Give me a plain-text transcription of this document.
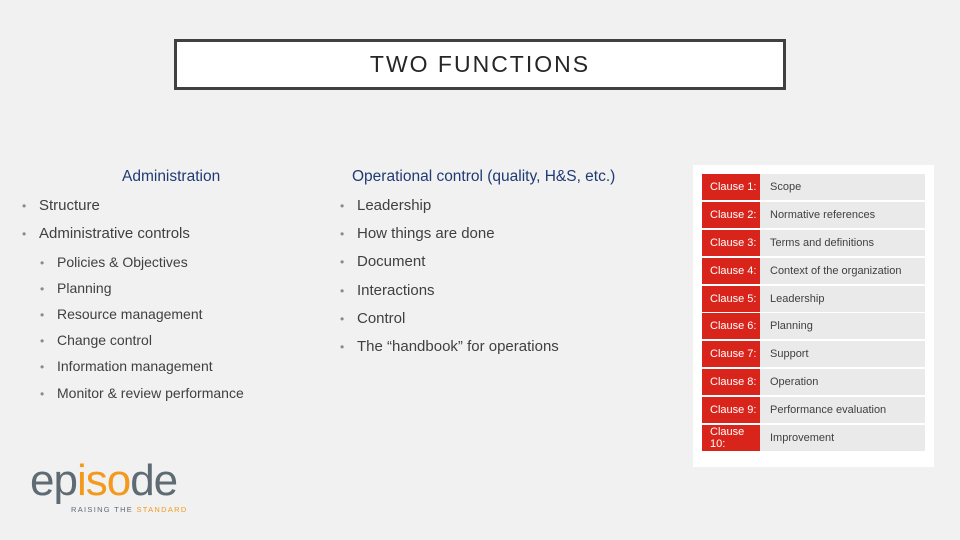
TWO FUNCTIONS
Administration	Operational control (quality, H&S, etc.)
• Structure
• Administrative controls
• Policies & Objectives
• Planning
• Resource management
• Change control
• Information management
• Monitor & review performance
• Leadership
• How things are done
• Document
• Interactions
• Control
• The “handbook” for operations
Clause 1:	Scope
Clause 2:	Normative references
Clause 3:	Terms and definitions
Clause 4:	Context of the organization
Clause 5:	Leadership
Clause 6:	Planning
Clause 7:	Support
Clause 8:	Operation
Clause 9:	Performance evaluation
Clause 10:	Improvement
episode
RAISING THE STANDARD
